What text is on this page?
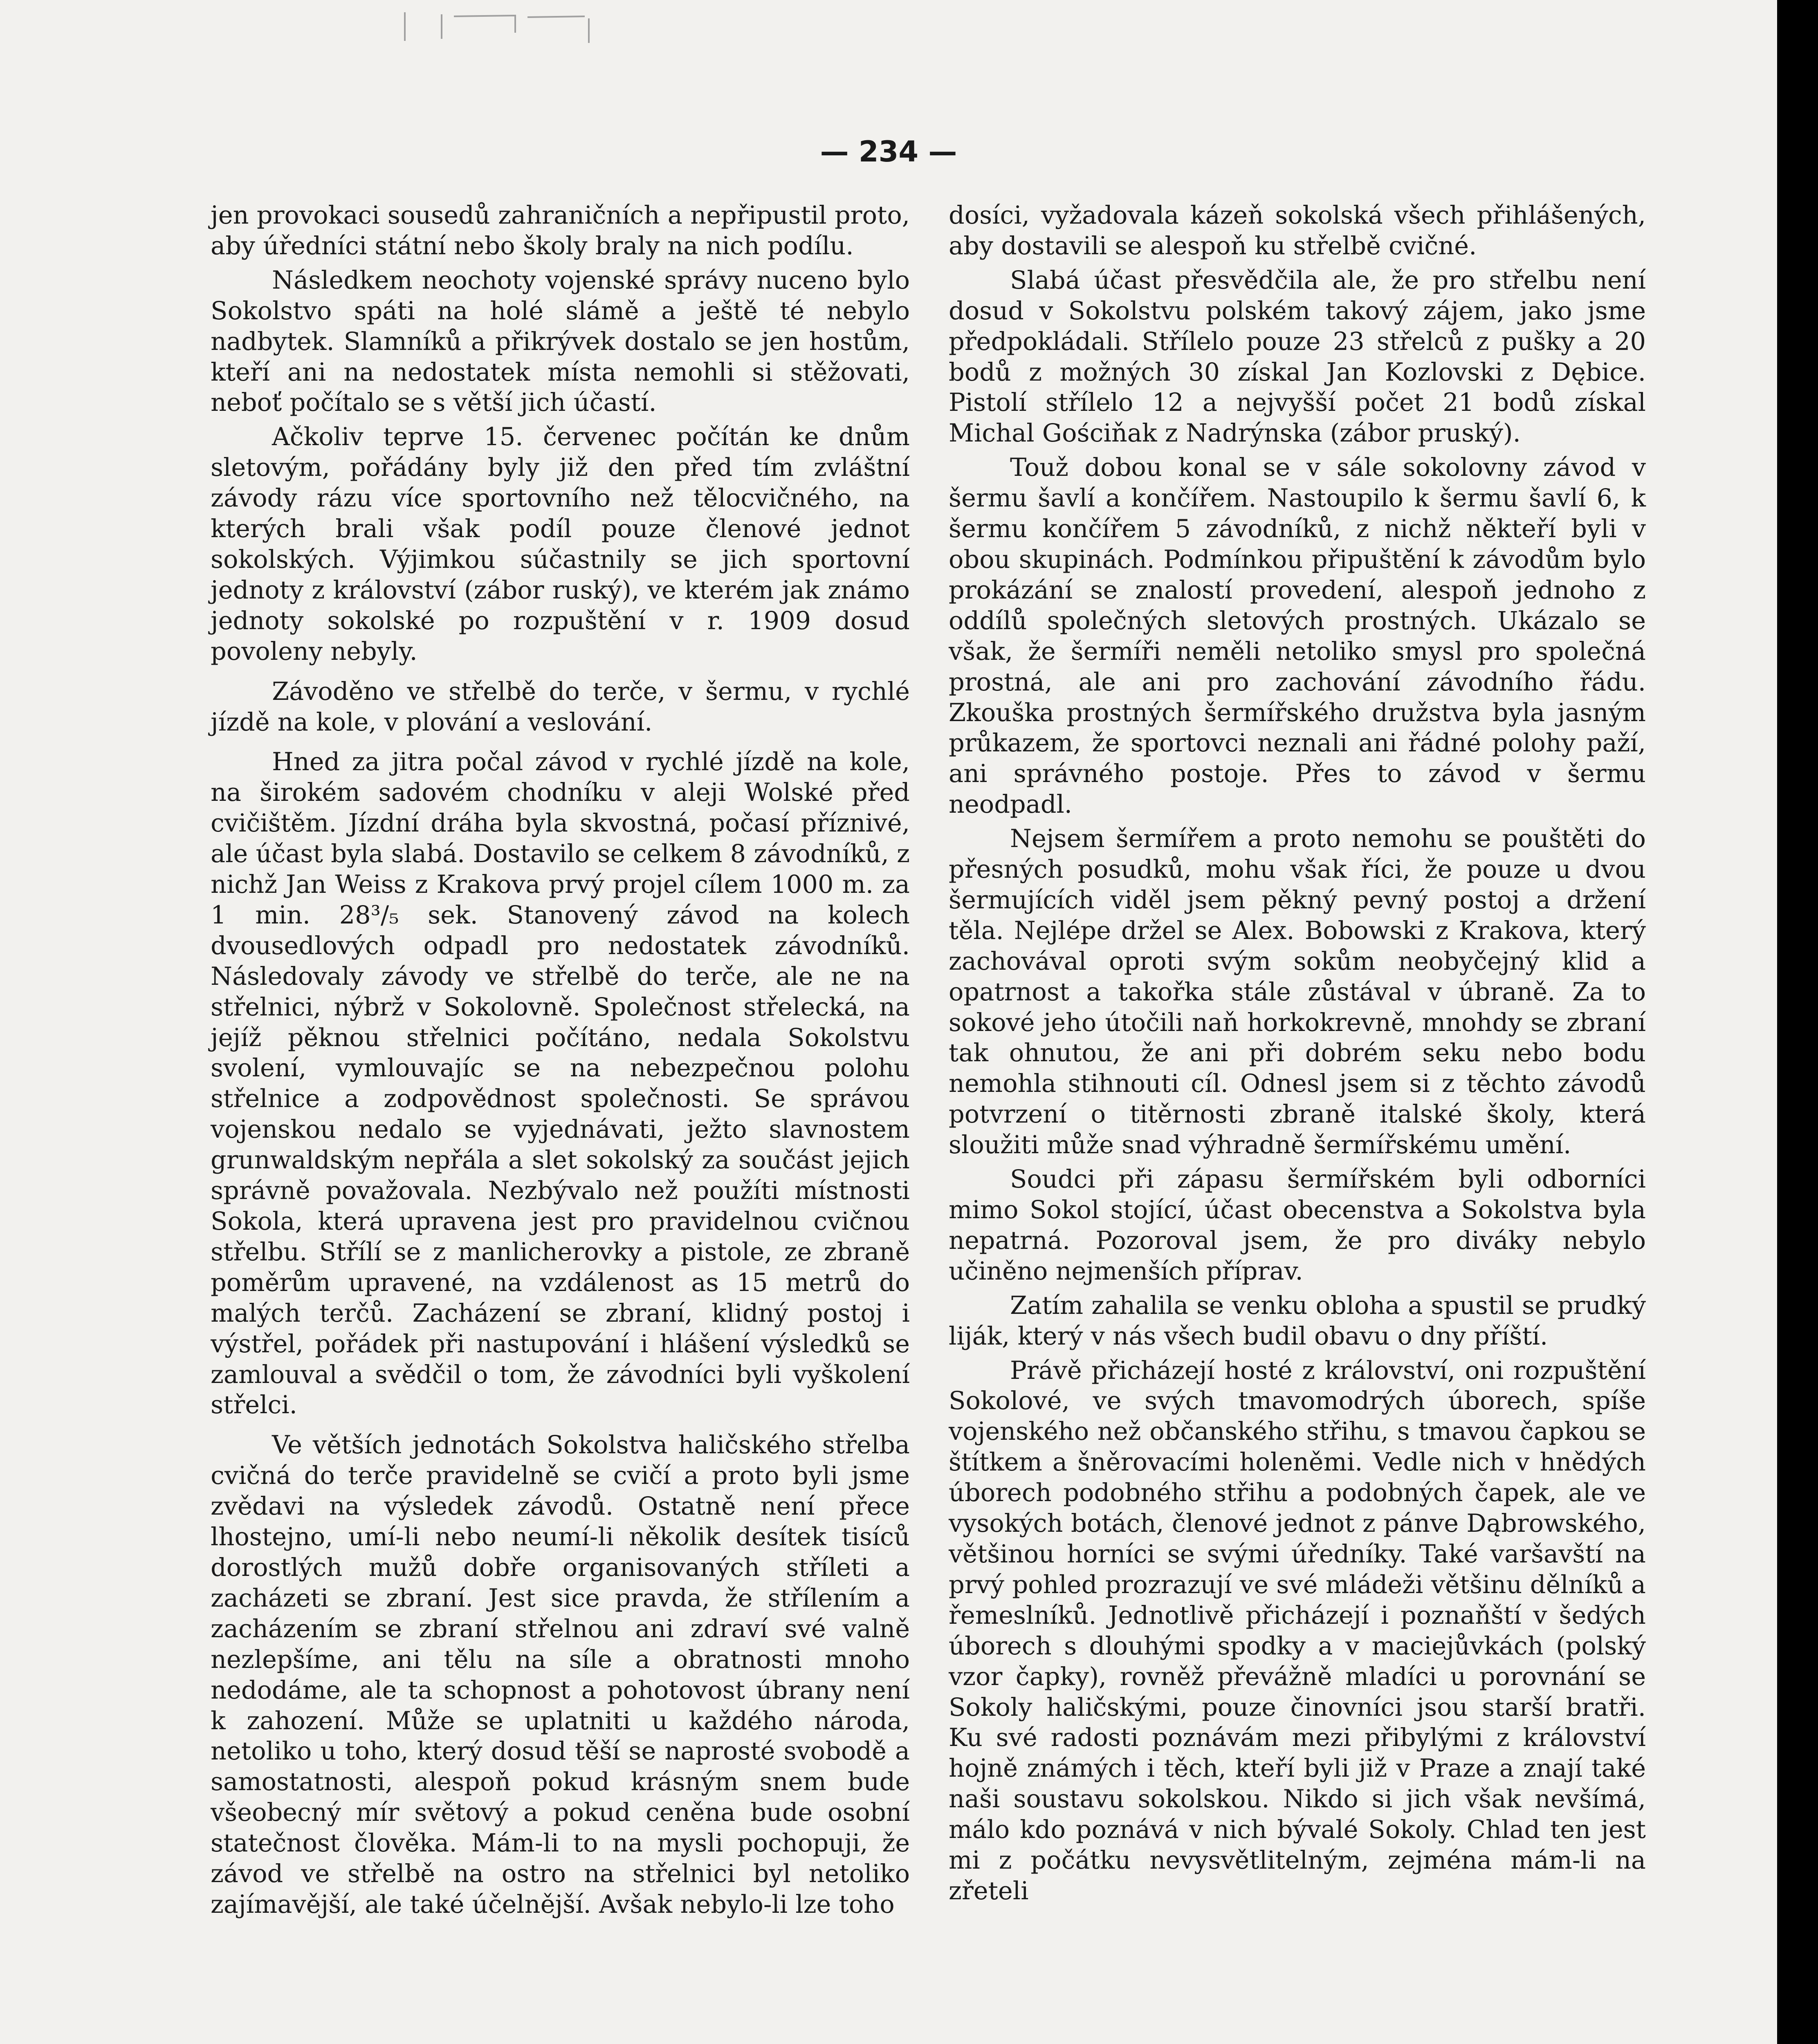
— 234 —

jen provokaci sousedů zahraničních a nepřipustil proto, aby úředníci státní nebo školy braly na nich podílu.

Následkem neochoty vojenské správy nuceno bylo Sokolstvo spáti na holé slámě a ještě té nebylo nadbytek. Slamníků a přikrývek dostalo se jen hostům, kteří ani na nedostatek místa nemohli si stěžovati, neboť počítalo se s větší jich účastí.

Ačkoliv teprve 15. červenec počítán ke dnům sletovým, pořádány byly již den před tím zvláštní závody rázu více sportovního než tělocvičného, na kterých brali však podíl pouze členové jednot sokolských. Výjimkou súčastnily se jich sportovní jednoty z království (zábor ruský), ve kterém jak známo jednoty sokolské po rozpuštění v r. 1909 dosud povoleny nebyly.

Závoděno ve střelbě do terče, v šermu, v rychlé jízdě na kole, v plování a veslování.

Hned za jitra počal závod v rychlé jízdě na kole, na širokém sadovém chodníku v aleji Wolské před cvičištěm. Jízdní dráha byla skvostná, počasí příznivé, ale účast byla slabá. Dostavilo se celkem 8 závodníků, z nichž Jan Weiss z Krakova prvý projel cílem 1000 m. za 1 min. 28³/₅ sek. Stanovený závod na kolech dvousedlových odpadl pro nedostatek závodníků. Následovaly závody ve střelbě do terče, ale ne na střelnici, nýbrž v Sokolovně. Společnost střelecká, na jejíž pěknou střelnici počítáno, nedala Sokolstvu svolení, vymlouvajíc se na nebezpečnou polohu střelnice a zodpovědnost společnosti. Se správou vojenskou nedalo se vyjednávati, ježto slavnostem grunwaldským nepřála a slet sokolský za součást jejich správně považovala. Nezbývalo než použíti místnosti Sokola, která upravena jest pro pravidelnou cvičnou střelbu. Střílí se z manlicherovky a pistole, ze zbraně poměrům upravené, na vzdálenost as 15 metrů do malých terčů. Zacházení se zbraní, klidný postoj i výstřel, pořádek při nastupování i hlášení výsledků se zamlouval a svědčil o tom, že závodníci byli vyškolení střelci.

Ve větších jednotách Sokolstva haličského střelba cvičná do terče pravidelně se cvičí a proto byli jsme zvědavi na výsledek závodů. Ostatně není přece lhostejno, umí-li nebo neumí-li několik desítek tisíců dorostlých mužů dobře organisovaných stříleti a zacházeti se zbraní. Jest sice pravda, že střílením a zacházením se zbraní střelnou ani zdraví své valně nezlepšíme, ani tělu na síle a obratnosti mnoho nedodáme, ale ta schopnost a pohotovost úbrany není k zahození. Může se uplatniti u každého národa, netoliko u toho, který dosud těší se naprosté svobodě a samostatnosti, alespoň pokud krásným snem bude všeobecný mír světový a pokud ceněna bude osobní statečnost člověka. Mám-li to na mysli pochopuji, že závod ve střelbě na ostro na střelnici byl netoliko zajímavější, ale také účelnější. Avšak nebylo-li lze toho

dosíci, vyžadovala kázeň sokolská všech přihlášených, aby dostavili se alespoň ku střelbě cvičné.

Slabá účast přesvědčila ale, že pro střelbu není dosud v Sokolstvu polském takový zájem, jako jsme předpokládali. Střílelo pouze 23 střelců z pušky a 20 bodů z možných 30 získal Jan Kozlovski z Dębice. Pistolí střílelo 12 a nejvyšší počet 21 bodů získal Michal Gościňak z Nadrýnska (zábor pruský).

Touž dobou konal se v sále sokolovny závod v šermu šavlí a končířem. Nastoupilo k šermu šavlí 6, k šermu končířem 5 závodníků, z nichž někteří byli v obou skupinách. Podmínkou připuštění k závodům bylo prokázání se znalostí provedení, alespoň jednoho z oddílů společných sletových prostných. Ukázalo se však, že šermíři neměli netoliko smysl pro společná prostná, ale ani pro zachování závodního řádu. Zkouška prostných šermířského družstva byla jasným průkazem, že sportovci neznali ani řádné polohy paží, ani správného postoje. Přes to závod v šermu neodpadl.

Nejsem šermířem a proto nemohu se pouštěti do přesných posudků, mohu však říci, že pouze u dvou šermujících viděl jsem pěkný pevný postoj a držení těla. Nejlépe držel se Alex. Bobowski z Krakova, který zachovával oproti svým sokům neobyčejný klid a opatrnost a takořka stále zůstával v úbraně. Za to sokové jeho útočili naň horkokrevně, mnohdy se zbraní tak ohnutou, že ani při dobrém seku nebo bodu nemohla stihnouti cíl. Odnesl jsem si z těchto závodů potvrzení o titěrnosti zbraně italské školy, která sloužiti může snad výhradně šermířskému umění.

Soudci při zápasu šermířském byli odborníci mimo Sokol stojící, účast obecenstva a Sokolstva byla nepatrná. Pozoroval jsem, že pro diváky nebylo učiněno nejmenších příprav.

Zatím zahalila se venku obloha a spustil se prudký liják, který v nás všech budil obavu o dny příští.

Právě přicházejí hosté z království, oni rozpuštění Sokolové, ve svých tmavomodrých úborech, spíše vojenského než občanského střihu, s tmavou čapkou se štítkem a šněrovacími holeněmi. Vedle nich v hnědých úborech podobného střihu a podobných čapek, ale ve vysokých botách, členové jednot z pánve Dąbrowského, většinou horníci se svými úředníky. Také varšavští na prvý pohled prozrazují ve své mládeži většinu dělníků a řemeslníků. Jednotlivě přicházejí i poznaňští v šedých úborech s dlouhými spodky a v maciejůvkách (polský vzor čapky), rovněž převážně mladíci u porovnání se Sokoly haličskými, pouze činovníci jsou starší bratři. Ku své radosti poznávám mezi přibylými z království hojně známých i těch, kteří byli již v Praze a znají také naši soustavu sokolskou. Nikdo si jich však nevšímá, málo kdo poznává v nich bývalé Sokoly. Chlad ten jest mi z počátku nevysvětlitelným, zejména mám-li na zřeteli
